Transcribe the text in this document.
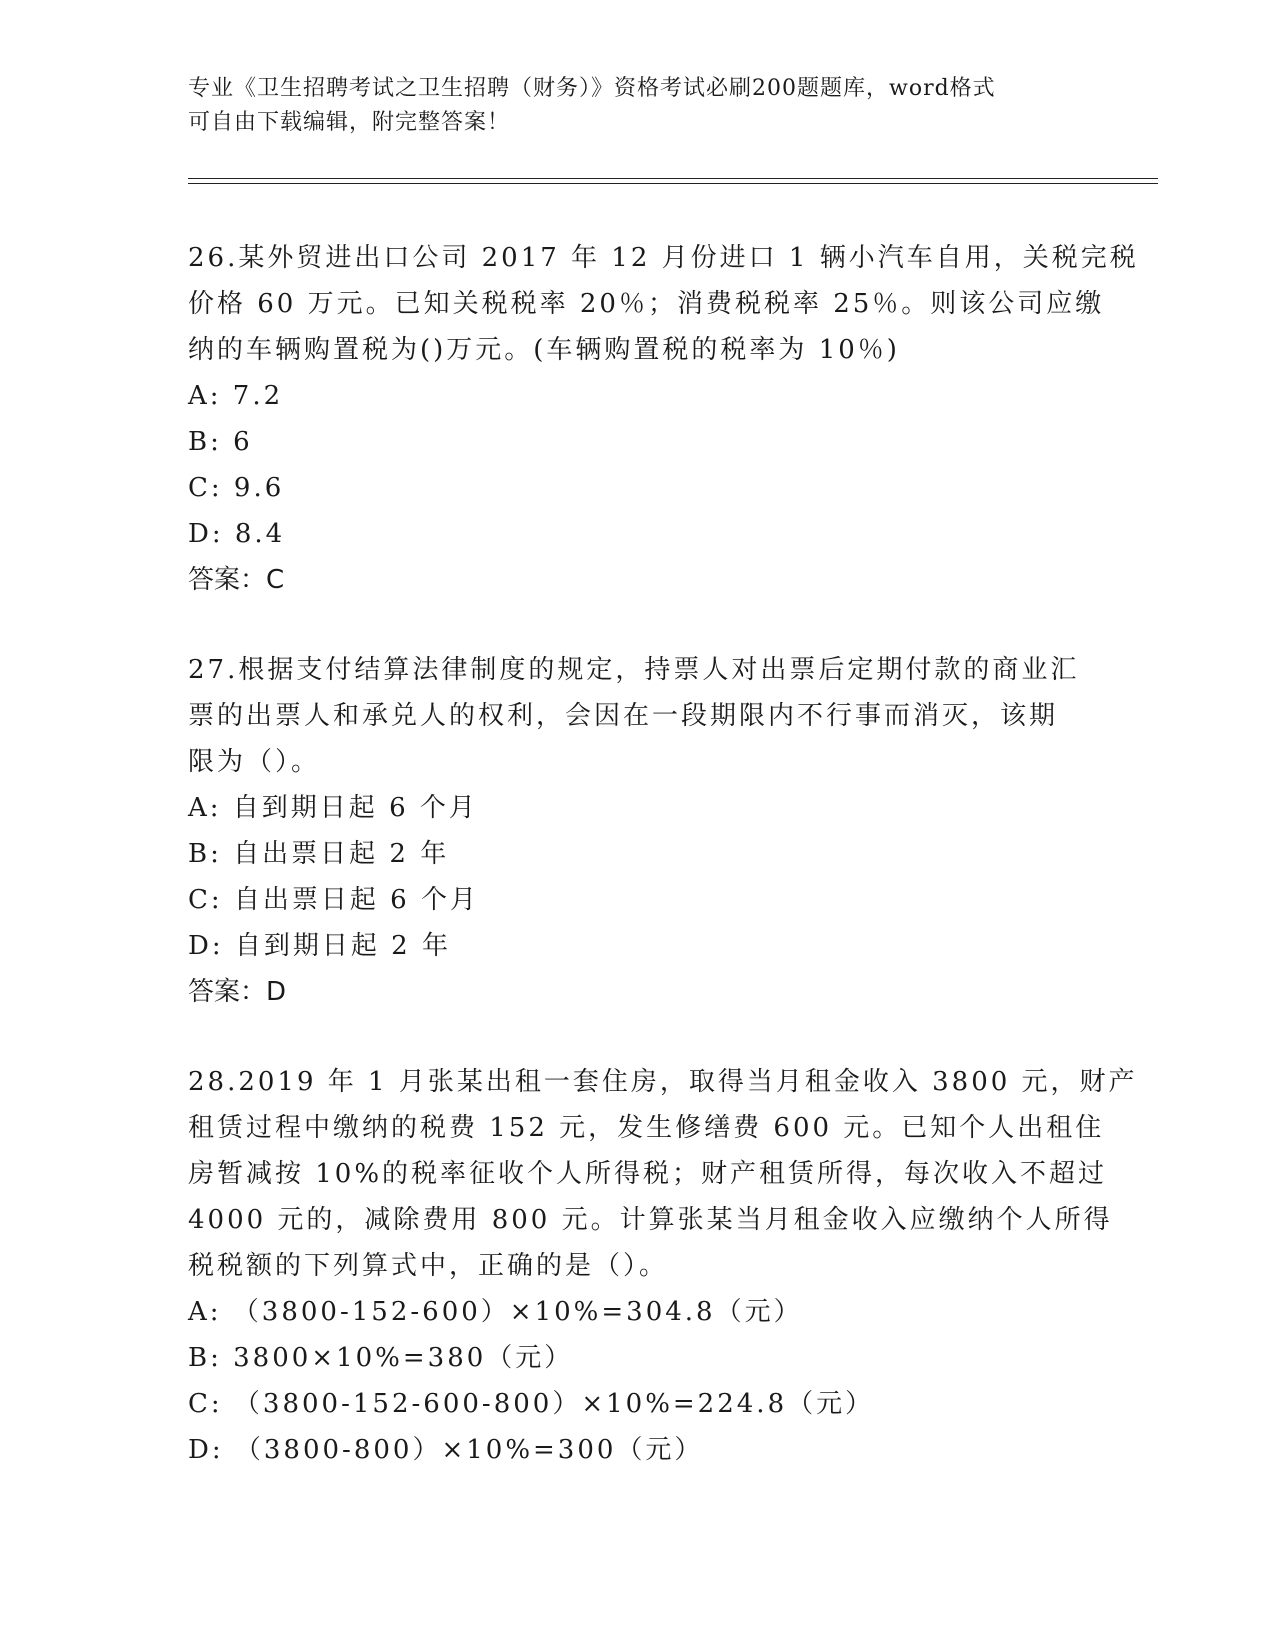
专业《卫生招聘考试之卫生招聘（财务）》资格考试必刷200题题库，word格式
可自由下载编辑，附完整答案！
26.某外贸进出口公司 2017 年 12 月份进口 1 辆小汽车自用，关税完税
价格 60 万元。已知关税税率 20％；消费税税率 25％。则该公司应缴
纳的车辆购置税为()万元。(车辆购置税的税率为 10％)
A: 7.2
B: 6
C: 9.6
D: 8.4
答案：C
27.根据支付结算法律制度的规定，持票人对出票后定期付款的商业汇
票的出票人和承兑人的权利，会因在一段期限内不行事而消灭，该期
限为（）。
A: 自到期日起 6 个月
B: 自出票日起 2 年
C: 自出票日起 6 个月
D: 自到期日起 2 年
答案：D
28.2019 年 1 月张某出租一套住房，取得当月租金收入 3800 元，财产
租赁过程中缴纳的税费 152 元，发生修缮费 600 元。已知个人出租住
房暂减按 10%的税率征收个人所得税；财产租赁所得，每次收入不超过
4000 元的，减除费用 800 元。计算张某当月租金收入应缴纳个人所得
税税额的下列算式中，正确的是（）。
A: （3800-152-600）×10%=304.8（元）
B: 3800×10%=380（元）
C: （3800-152-600-800）×10%=224.8（元）
D: （3800-800）×10%=300（元）
